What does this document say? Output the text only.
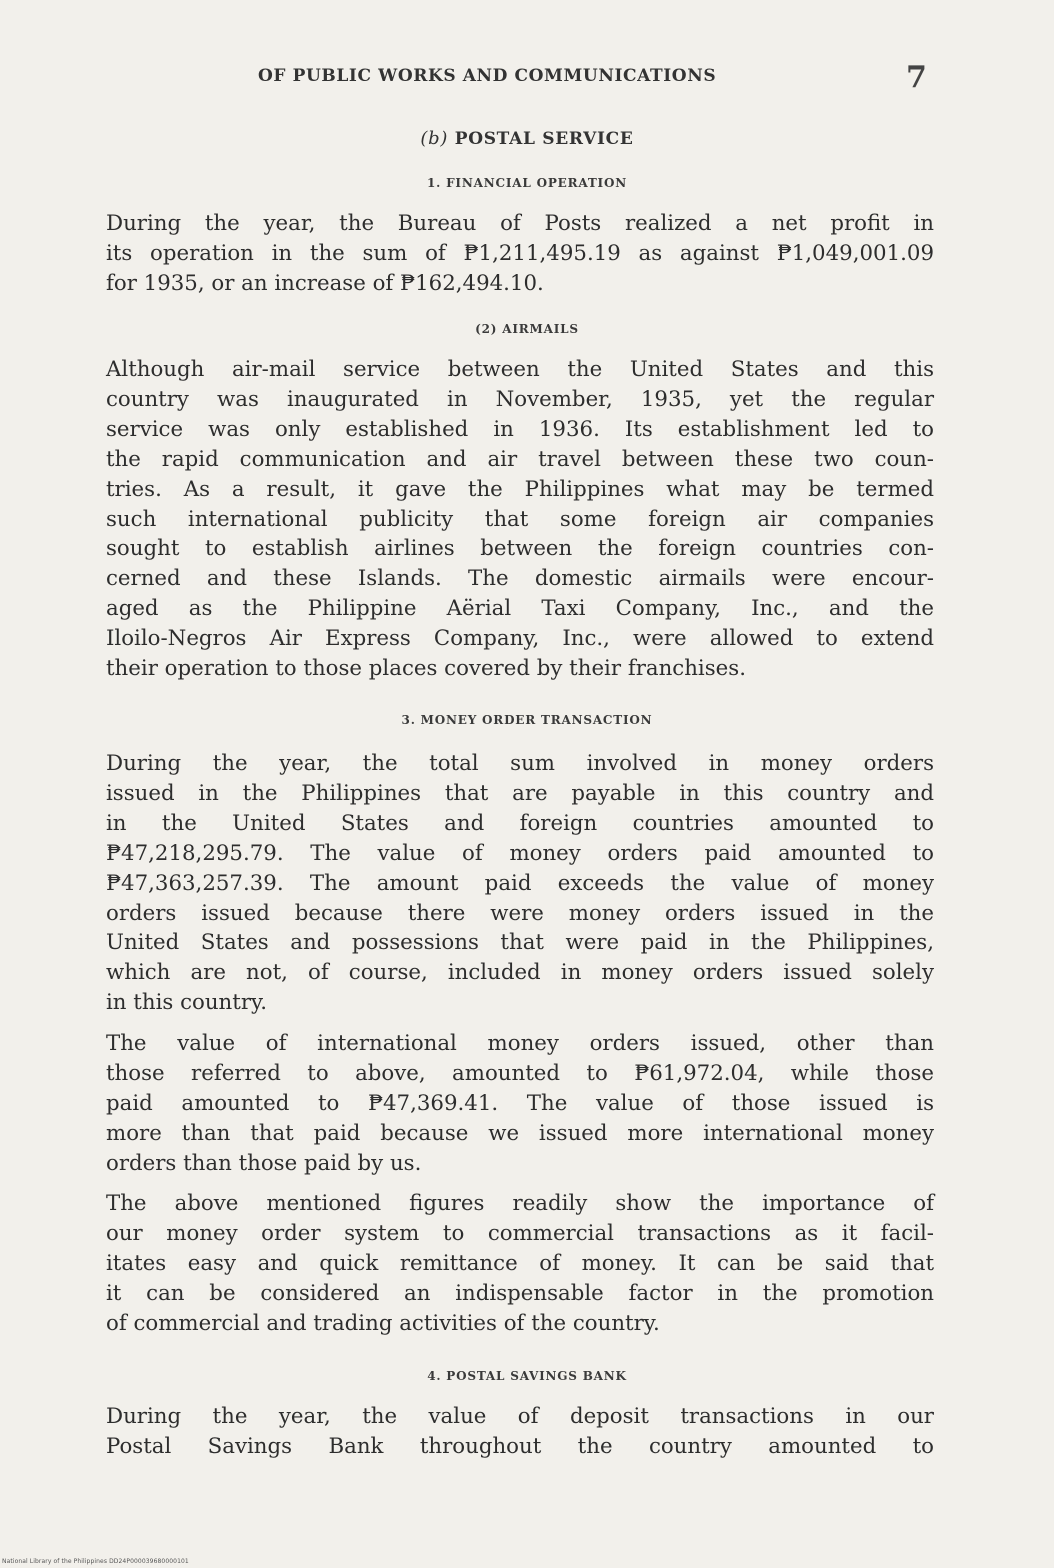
OF PUBLIC WORKS AND COMMUNICATIONS	7
(b) POSTAL SERVICE
1. FINANCIAL OPERATION

During the year, the Bureau of Posts realized a net profit in
its operation in the sum of ₱1,211,495.19 as against ₱1,049,001.09
for 1935, or an increase of ₱162,494.10.

(2) AIRMAILS

Although air-mail service between the United States and this
country was inaugurated in November, 1935, yet the regular
service was only established in 1936. Its establishment led to
the rapid communication and air travel between these two coun-
tries. As a result, it gave the Philippines what may be termed
such international publicity that some foreign air companies
sought to establish airlines between the foreign countries con-
cerned and these Islands. The domestic airmails were encour-
aged as the Philippine Aërial Taxi Company, Inc., and the
Iloilo-Negros Air Express Company, Inc., were allowed to extend
their operation to those places covered by their franchises.

3. MONEY ORDER TRANSACTION

During the year, the total sum involved in money orders
issued in the Philippines that are payable in this country and
in the United States and foreign countries amounted to
₱47,218,295.79. The value of money orders paid amounted to
₱47,363,257.39. The amount paid exceeds the value of money
orders issued because there were money orders issued in the
United States and possessions that were paid in the Philippines,
which are not, of course, included in money orders issued solely
in this country.

The value of international money orders issued, other than
those referred to above, amounted to ₱61,972.04, while those
paid amounted to ₱47,369.41. The value of those issued is
more than that paid because we issued more international money
orders than those paid by us.

The above mentioned figures readily show the importance of
our money order system to commercial transactions as it facil-
itates easy and quick remittance of money. It can be said that
it can be considered an indispensable factor in the promotion
of commercial and trading activities of the country.

4. POSTAL SAVINGS BANK

During the year, the value of deposit transactions in our
Postal Savings Bank throughout the country amounted to

National Library of the Philippines DD24P000039680000101
